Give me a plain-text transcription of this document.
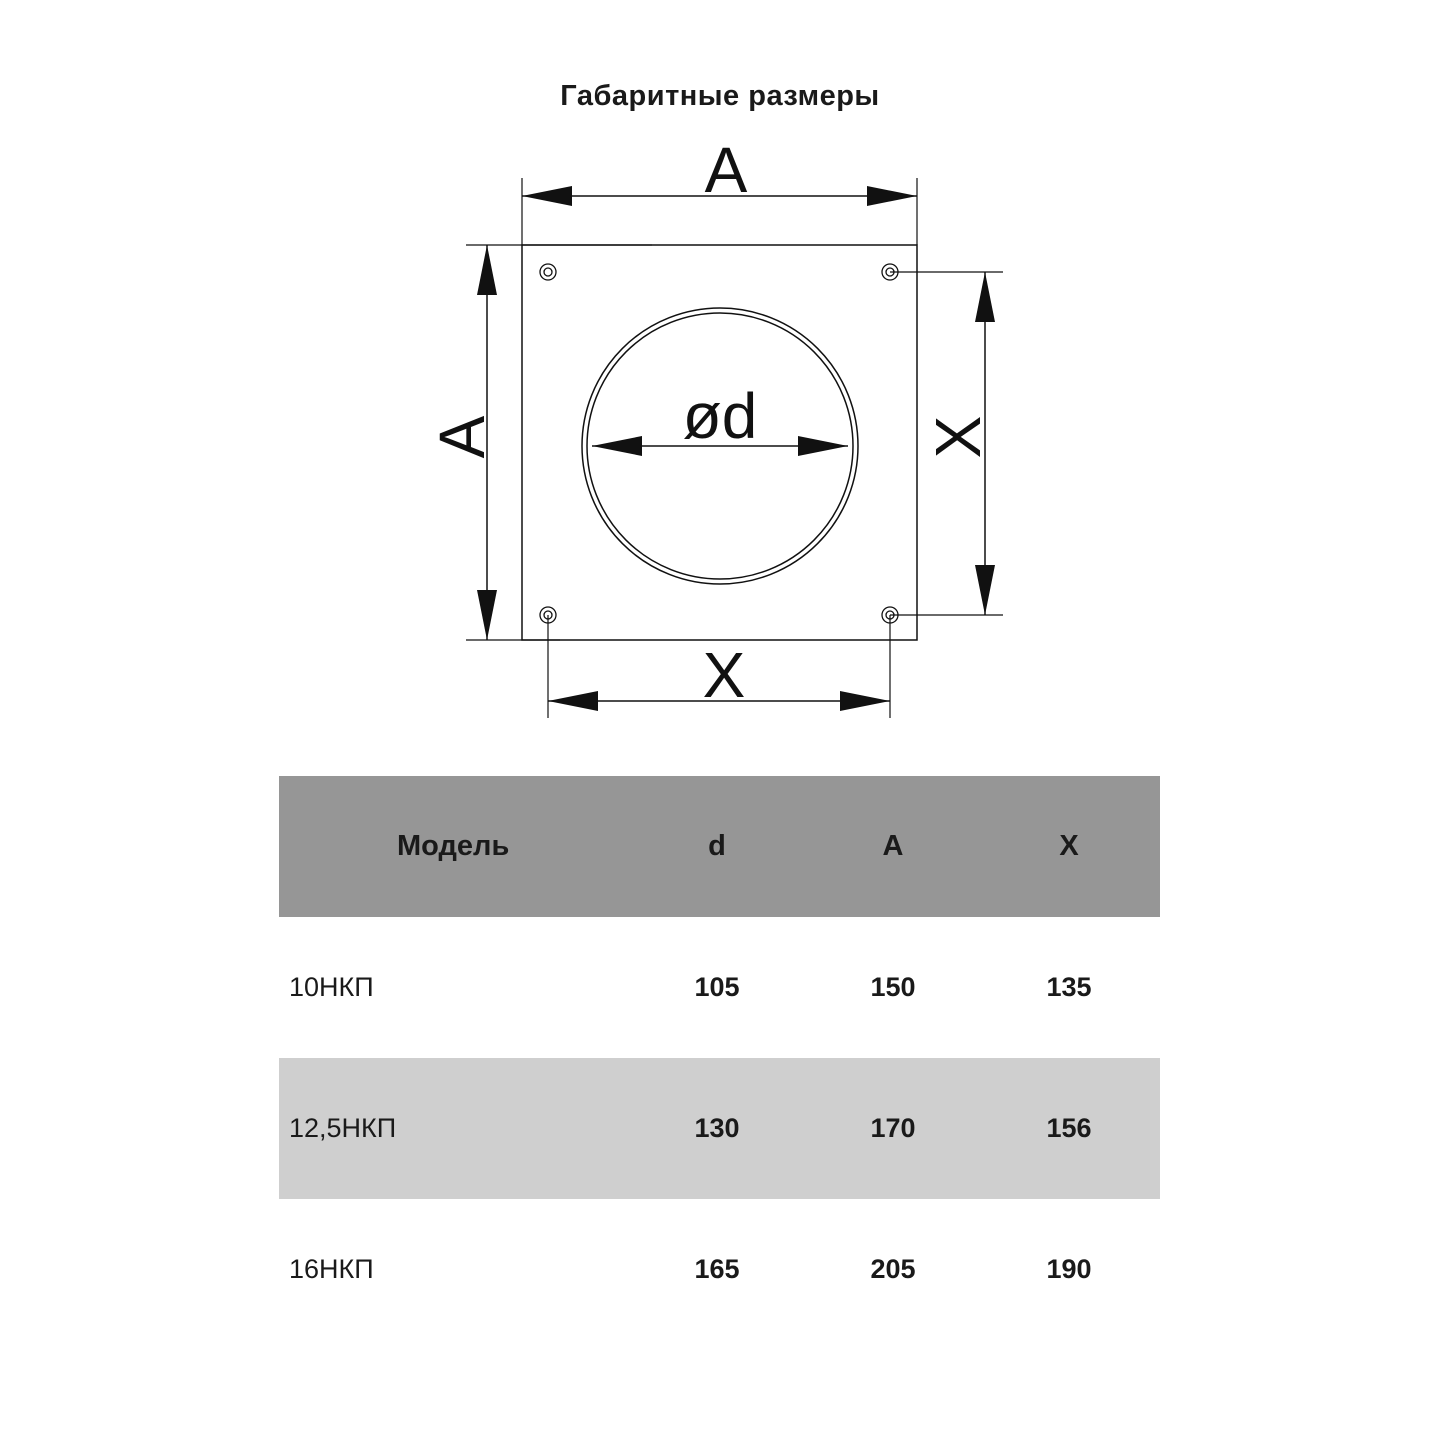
Габаритные размеры
A
A	X
X
ød
Модель	d	A	X
10НКП	105	150	135
12,5НКП	130	170	156
16НКП	165	205	190
